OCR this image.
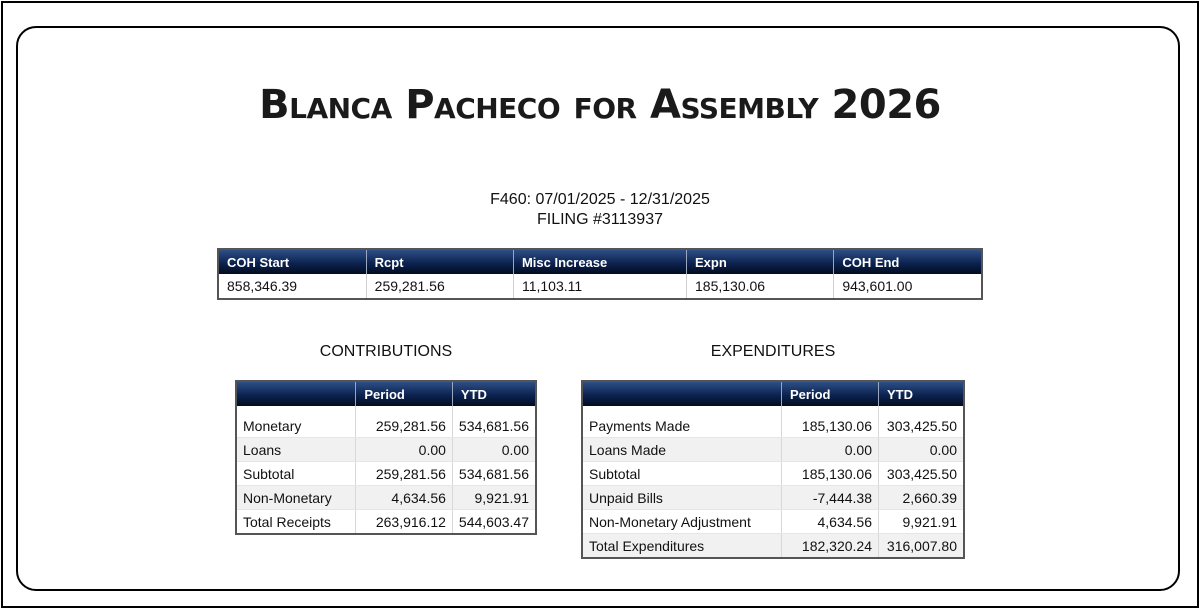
Blanca Pacheco for Assembly 2026
F460: 07/01/2025 - 12/31/2025
FILING #3113937
COH Start	Rcpt	Misc Increase	Expn	COH End
858,346.39	259,281.56	11,103.11	185,130.06	943,601.00
CONTRIBUTIONS	EXPENDITURES
	Period	YTD

Monetary	259,281.56	534,681.56
Loans	0.00	0.00
Subtotal	259,281.56	534,681.56
Non-Monetary	4,634.56	9,921.91
Total Receipts	263,916.12	544,603.47
	Period	YTD

Payments Made	185,130.06	303,425.50
Loans Made	0.00	0.00
Subtotal	185,130.06	303,425.50
Unpaid Bills	-7,444.38	2,660.39
Non-Monetary Adjustment	4,634.56	9,921.91
Total Expenditures	182,320.24	316,007.80
